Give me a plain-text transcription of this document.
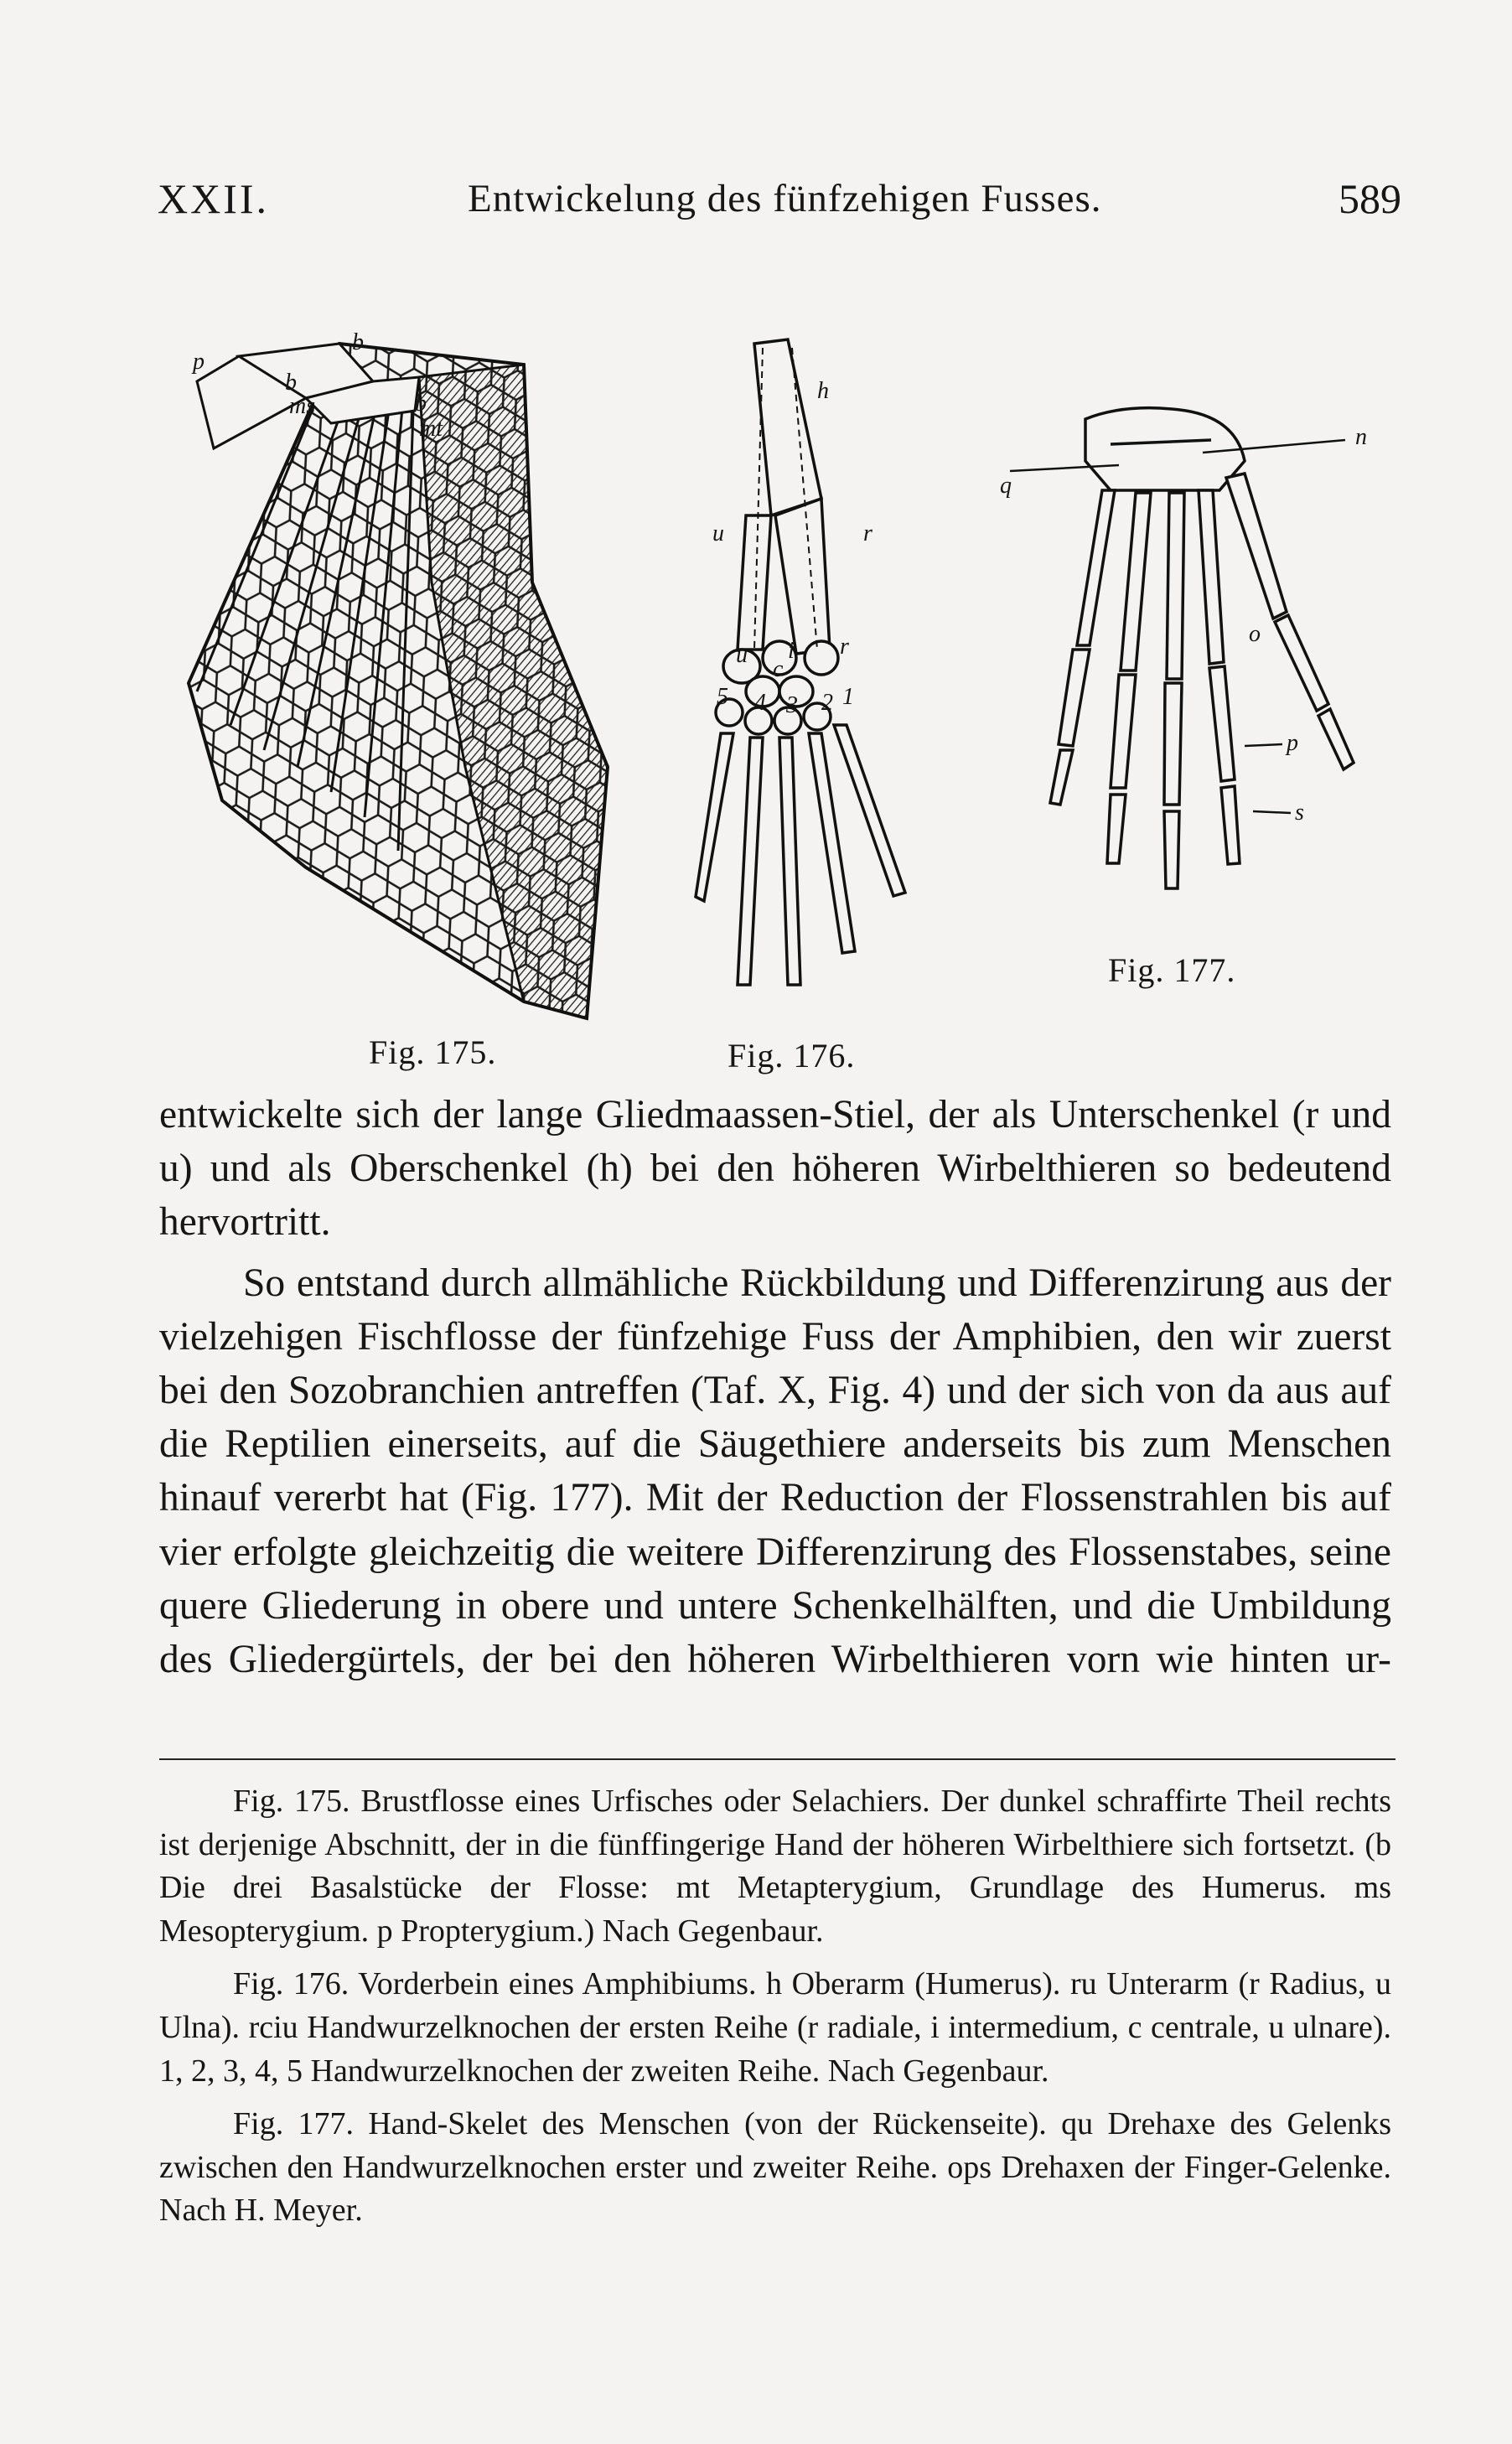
XXII.	Entwickelung des fünfzehigen Fusses.	589
b
p
b
ms	b
mt
Fig. 175.
h
u	r
u
c
r
i
5 4 3 2 1
Fig. 176.
q
n
o
p
s
Fig. 177.

entwickelte sich der lange Gliedmaassen-Stiel, der als Unterschenkel (r und u) und als Oberschenkel (h) bei den höheren Wirbelthieren so bedeutend hervortritt.

So entstand durch allmähliche Rückbildung und Differenzirung aus der vielzehigen Fischflosse der fünfzehige Fuss der Amphibien, den wir zuerst bei den Sozobranchien antreffen (Taf. X, Fig. 4) und der sich von da aus auf die Reptilien einerseits, auf die Säugethiere anderseits bis zum Menschen hinauf vererbt hat (Fig. 177). Mit der Reduction der Flossenstrahlen bis auf vier erfolgte gleichzeitig die weitere Differenzirung des Flossenstabes, seine quere Gliederung in obere und untere Schenkelhälften, und die Umbildung des Gliedergürtels, der bei den höheren Wirbelthieren vorn wie hinten ur-

Fig. 175. Brustflosse eines Urfisches oder Selachiers. Der dunkel schraffirte Theil rechts ist derjenige Abschnitt, der in die fünffingerige Hand der höheren Wirbelthiere sich fortsetzt. (b Die drei Basalstücke der Flosse: mt Metapterygium, Grundlage des Humerus. ms Mesopterygium. p Propterygium.) Nach Gegenbaur.

Fig. 176. Vorderbein eines Amphibiums. h Oberarm (Humerus). ru Unterarm (r Radius, u Ulna). rciu Handwurzelknochen der ersten Reihe (r radiale, i intermedium, c centrale, u ulnare). 1, 2, 3, 4, 5 Handwurzelknochen der zweiten Reihe. Nach Gegenbaur.

Fig. 177. Hand-Skelet des Menschen (von der Rückenseite). qu Drehaxe des Gelenks zwischen den Handwurzelknochen erster und zweiter Reihe. ops Drehaxen der Finger-Gelenke. Nach H. Meyer.
